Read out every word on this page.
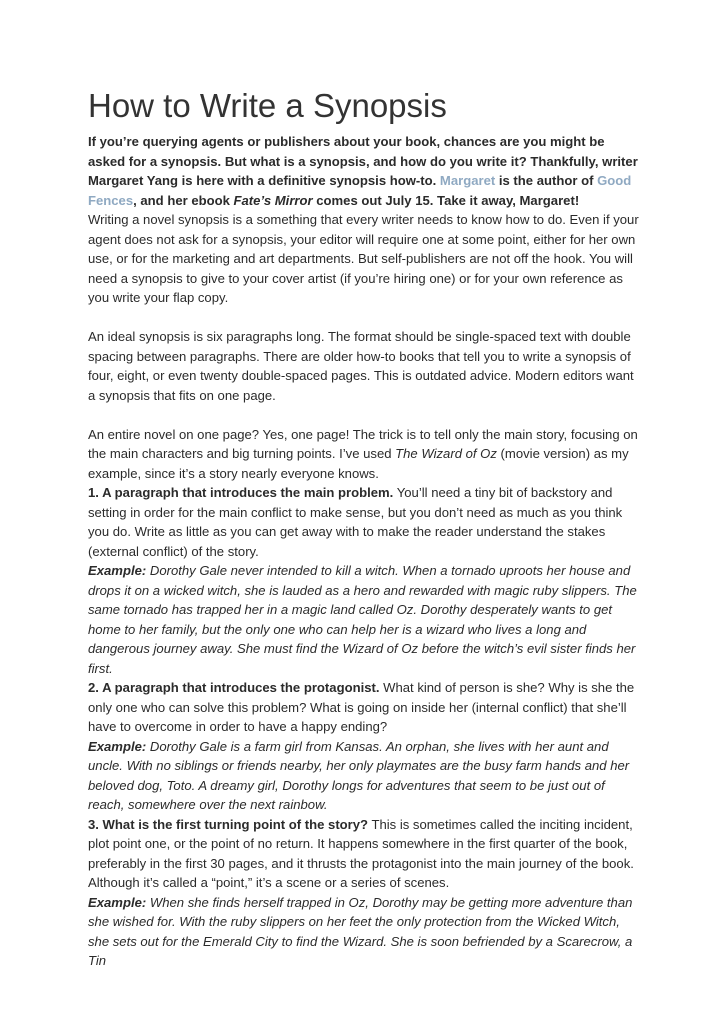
How to Write a Synopsis

If you’re querying agents or publishers about your book, chances are you might be asked for a synopsis. But what is a synopsis, and how do you write it? Thankfully, writer Margaret Yang is here with a definitive synopsis how-to. Margaret is the author of Good Fences, and her ebook Fate’s Mirror comes out July 15. Take it away, Margaret!

Writing a novel synopsis is a something that every writer needs to know how to do. Even if your agent does not ask for a synopsis, your editor will require one at some point, either for her own use, or for the marketing and art departments. But self-publishers are not off the hook. You will need a synopsis to give to your cover artist (if you’re hiring one) or for your own reference as you write your flap copy.

An ideal synopsis is six paragraphs long. The format should be single-spaced text with double spacing between paragraphs. There are older how-to books that tell you to write a synopsis of four, eight, or even twenty double-spaced pages. This is outdated advice. Modern editors want a synopsis that fits on one page.

An entire novel on one page? Yes, one page! The trick is to tell only the main story, focusing on the main characters and big turning points. I’ve used The Wizard of Oz (movie version) as my example, since it’s a story nearly everyone knows.

1. A paragraph that introduces the main problem. You’ll need a tiny bit of backstory and setting in order for the main conflict to make sense, but you don’t need as much as you think you do. Write as little as you can get away with to make the reader understand the stakes (external conflict) of the story.

Example: Dorothy Gale never intended to kill a witch. When a tornado uproots her house and drops it on a wicked witch, she is lauded as a hero and rewarded with magic ruby slippers. The same tornado has trapped her in a magic land called Oz. Dorothy desperately wants to get home to her family, but the only one who can help her is a wizard who lives a long and dangerous journey away. She must find the Wizard of Oz before the witch’s evil sister finds her first.

2. A paragraph that introduces the protagonist. What kind of person is she? Why is she the only one who can solve this problem? What is going on inside her (internal conflict) that she’ll have to overcome in order to have a happy ending?

Example: Dorothy Gale is a farm girl from Kansas. An orphan, she lives with her aunt and uncle. With no siblings or friends nearby, her only playmates are the busy farm hands and her beloved dog, Toto. A dreamy girl, Dorothy longs for adventures that seem to be just out of reach, somewhere over the next rainbow.

3. What is the first turning point of the story? This is sometimes called the inciting incident, plot point one, or the point of no return. It happens somewhere in the first quarter of the book, preferably in the first 30 pages, and it thrusts the protagonist into the main journey of the book. Although it’s called a “point,” it’s a scene or a series of scenes.

Example: When she finds herself trapped in Oz, Dorothy may be getting more adventure than she wished for. With the ruby slippers on her feet the only protection from the Wicked Witch, she sets out for the Emerald City to find the Wizard. She is soon befriended by a Scarecrow, a Tin
